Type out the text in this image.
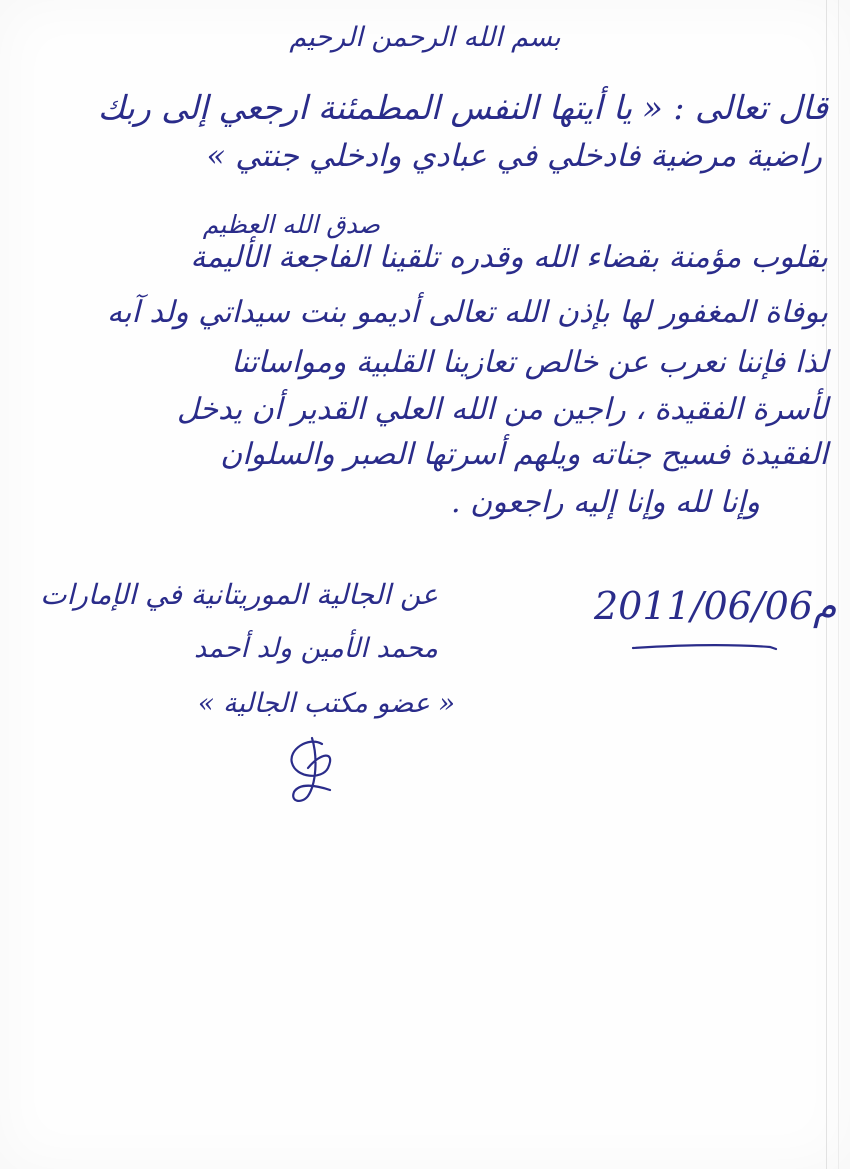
بسم الله الرحمن الرحيم
قال تعالى : « يا أيتها النفس المطمئنة ارجعي إلى ربك
راضية مرضية فادخلي في عبادي وادخلي جنتي »
صدق الله العظيم
بقلوب مؤمنة بقضاء الله وقدره تلقينا الفاجعة الأليمة
بوفاة المغفور لها بإذن الله تعالى أديمو بنت سيداتي ولد آبه
لذا فإننا نعرب عن خالص تعازينا القلبية ومواساتنا
لأسرة الفقيدة ، راجين من الله العلي القدير أن يدخل
الفقيدة فسيح جناته ويلهم أسرتها الصبر والسلوان
وإنا لله وإنا إليه راجعون .
عن الجالية الموريتانية في الإمارات
محمد الأمين ولد أحمد
« عضو مكتب الجالية »
2011/06/06م
